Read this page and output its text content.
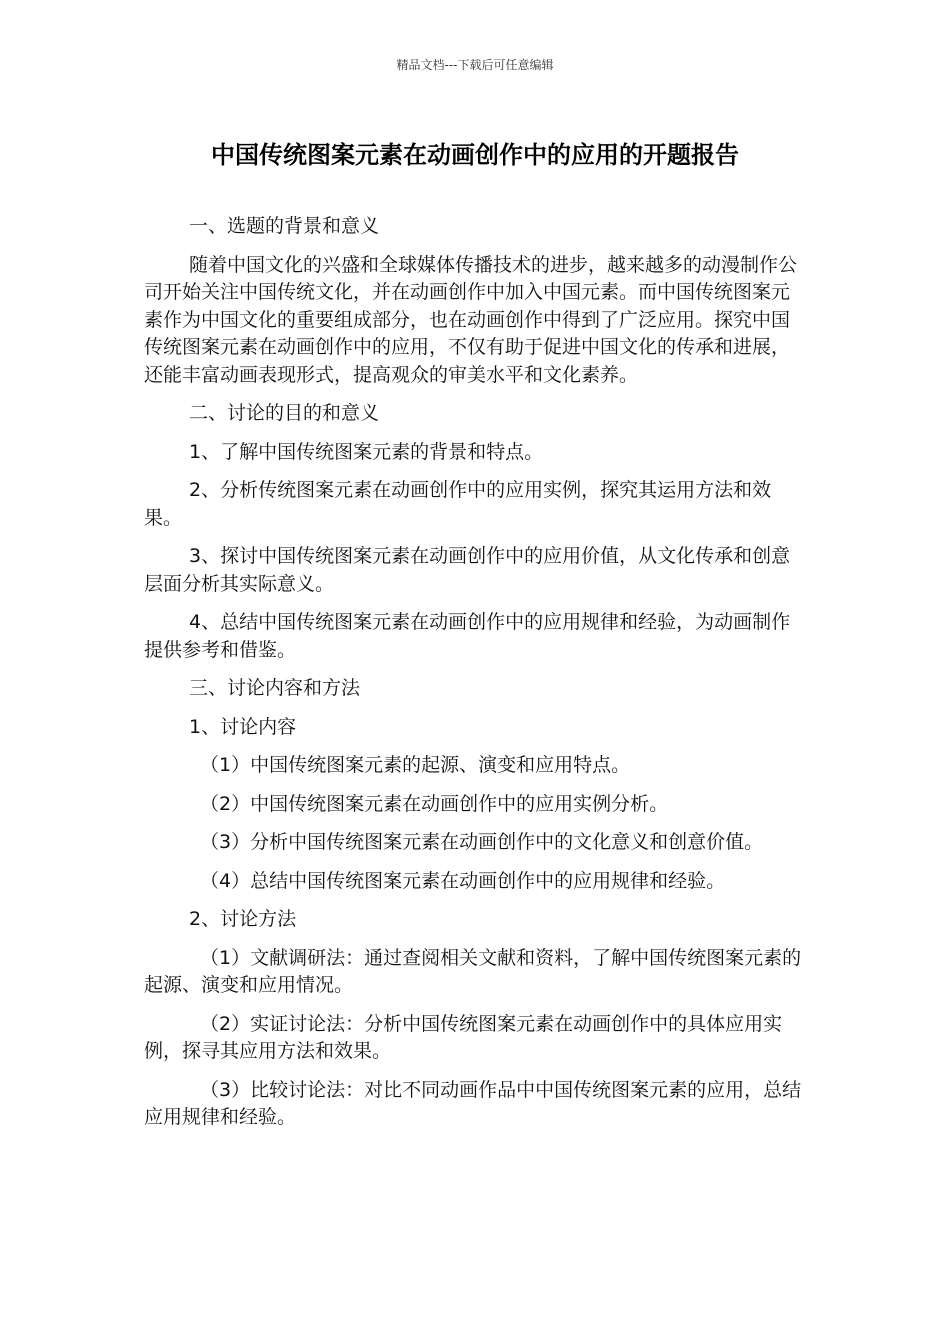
精品文档---下载后可任意编辑
中国传统图案元素在动画创作中的应用的开题报告

一、选题的背景和意义

随着中国文化的兴盛和全球媒体传播技术的进步，越来越多的动漫制作公司开始关注中国传统文化，并在动画创作中加入中国元素。而中国传统图案元素作为中国文化的重要组成部分，也在动画创作中得到了广泛应用。探究中国传统图案元素在动画创作中的应用，不仅有助于促进中国文化的传承和进展，还能丰富动画表现形式，提高观众的审美水平和文化素养。

二、讨论的目的和意义

1、了解中国传统图案元素的背景和特点。

2、分析传统图案元素在动画创作中的应用实例，探究其运用方法和效果。

3、探讨中国传统图案元素在动画创作中的应用价值，从文化传承和创意层面分析其实际意义。

4、总结中国传统图案元素在动画创作中的应用规律和经验，为动画制作提供参考和借鉴。

三、讨论内容和方法

1、讨论内容

（1）中国传统图案元素的起源、演变和应用特点。

（2）中国传统图案元素在动画创作中的应用实例分析。

（3）分析中国传统图案元素在动画创作中的文化意义和创意价值。

（4）总结中国传统图案元素在动画创作中的应用规律和经验。

2、讨论方法

（1）文献调研法：通过查阅相关文献和资料，了解中国传统图案元素的起源、演变和应用情况。

（2）实证讨论法：分析中国传统图案元素在动画创作中的具体应用实例，探寻其应用方法和效果。

（3）比较讨论法：对比不同动画作品中中国传统图案元素的应用，总结应用规律和经验。
